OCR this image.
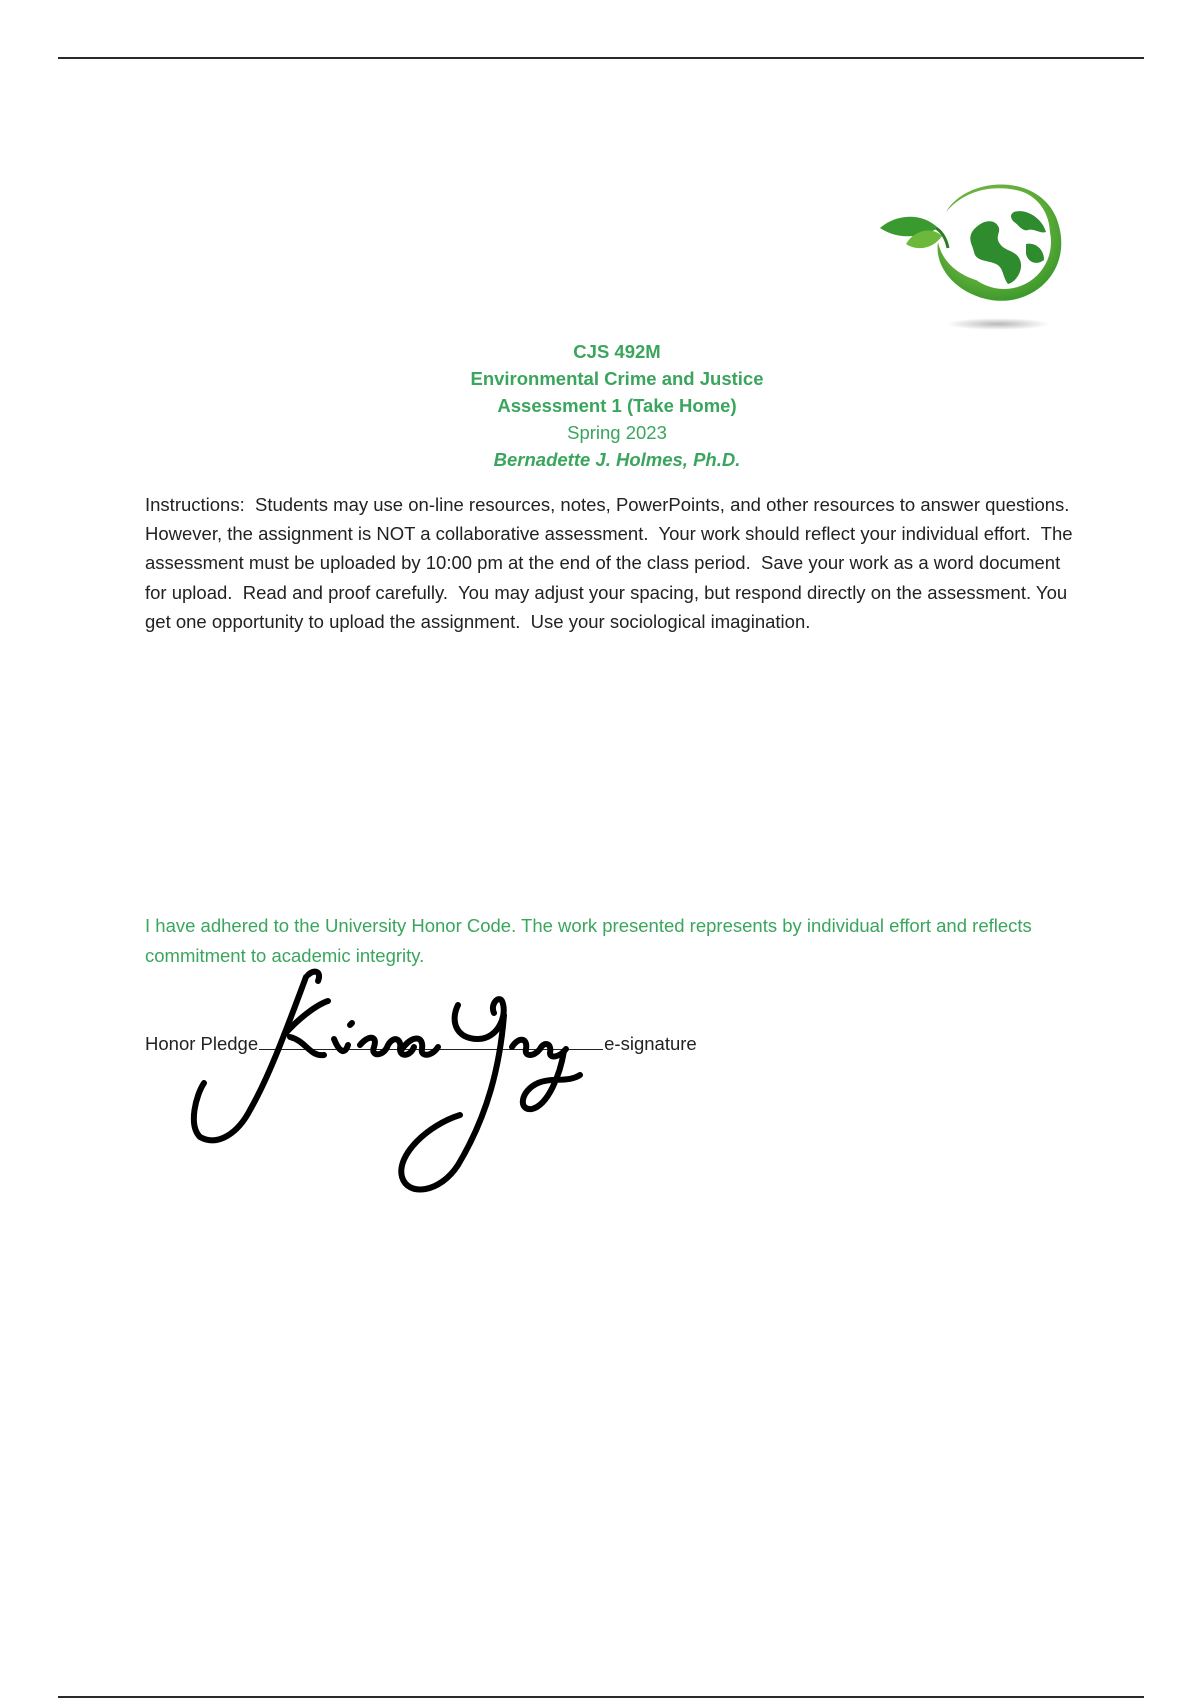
CJS 492M
Environmental Crime and Justice
Assessment 1 (Take Home)
Spring 2023
Bernadette J. Holmes, Ph.D.

Instructions:  Students may use on-line resources, notes, PowerPoints, and other resources to answer questions.  However, the assignment is NOT a collaborative assessment.  Your work should reflect your individual effort.  The assessment must be uploaded by 10:00 pm at the end of the class period.  Save your work as a word document for upload.  Read and proof carefully.  You may adjust your spacing, but respond directly on the assessment. You get one opportunity to upload the assignment.  Use your sociological imagination.

I have adhered to the University Honor Code. The work presented represents by individual effort and reflects commitment to academic integrity.

Honor Pledge	e-signature
